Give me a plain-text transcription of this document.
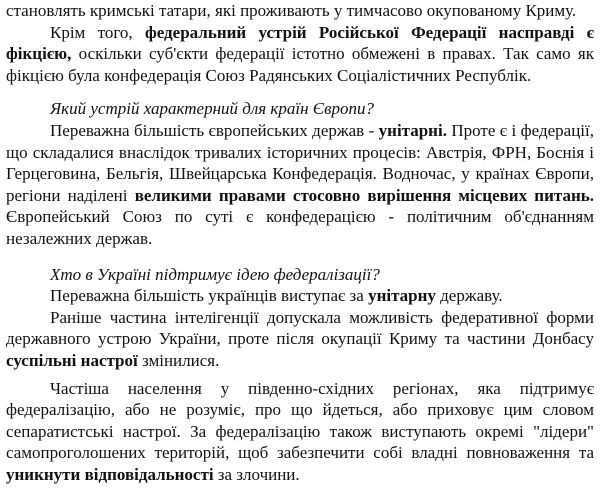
становлять кримські татари, які проживають у тимчасово окупованому Криму.

Крім того, федеральний устрій Російської Федерації насправді є фікцією, оскільки суб'єкти федерації істотно обмежені в правах. Так само як фікцією була конфедерація Союз Радянських Соціалістичних Республік.

Який устрій характерний для країн Європи?

Переважна більшість європейських держав - унітарні. Проте є і федерації, що складалися внаслідок тривалих історичних процесів: Австрія, ФРН, Боснія і Герцеговина, Бельгія, Швейцарська Конфедерація. Водночас, у країнах Європи, регіони наділені великими правами стосовно вирішення місцевих питань. Європейський Союз по суті є конфедерацією - політичним об'єднанням незалежних держав.

Хто в Україні підтримує ідею федералізації?

Переважна більшість українців виступає за унітарну державу.

Раніше частина інтелігенції допускала можливість федеративної форми державного устрою України, проте після окупації Криму та частини Донбасу суспільні настрої змінилися.

Частіша населення у південно-східних регіонах, яка підтримує федералізацію, або не розуміє, про що йдеться, або приховує цим словом сепаратистські настрої. За федералізацію також виступають окремі "лідери" самопроголошених територій, щоб забезпечити собі владні повноваження та уникнути відповідальності за злочини.
